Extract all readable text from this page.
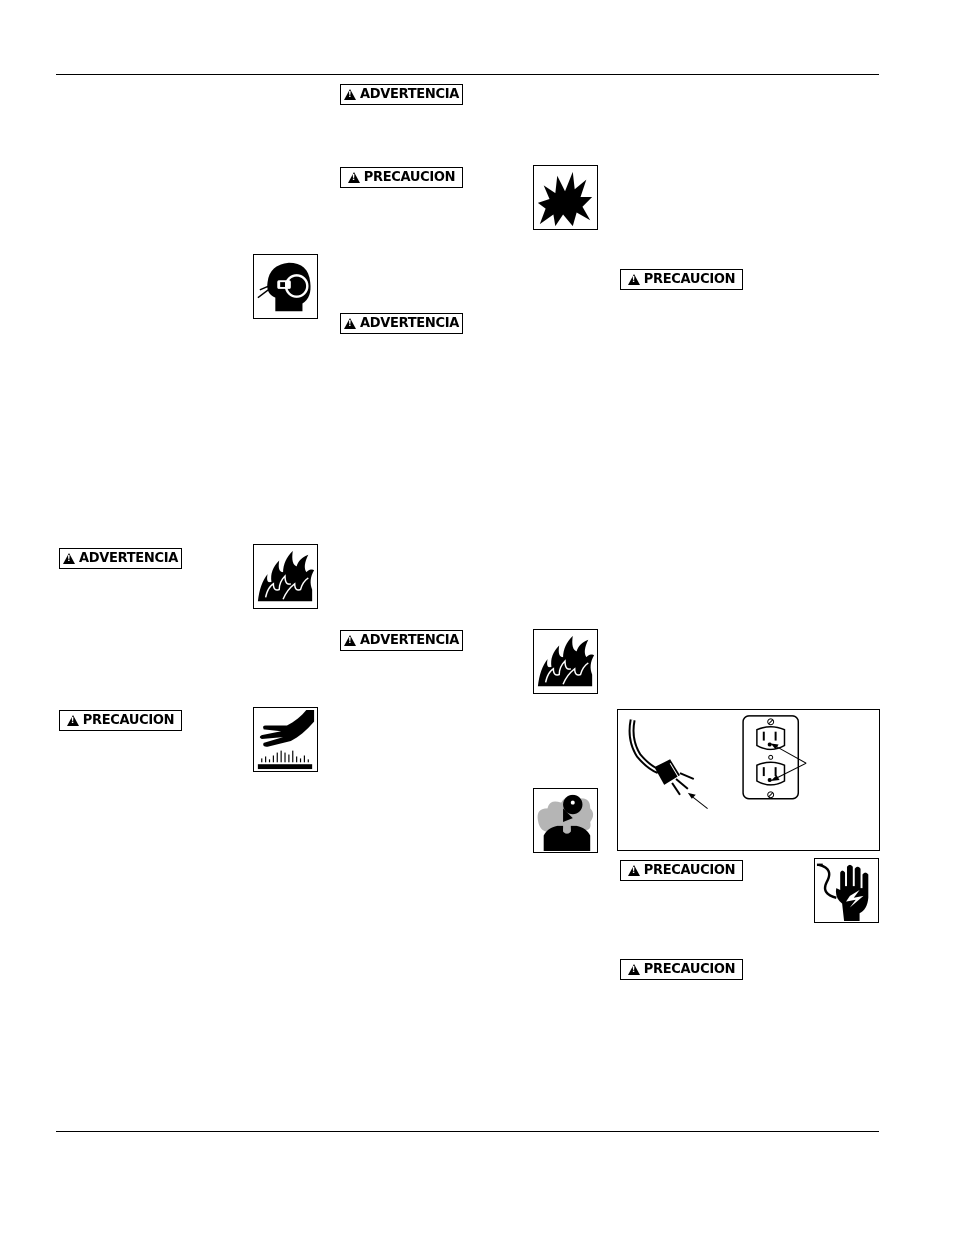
!
ADVERTENCIA
!
PRECAUCION
!
PRECAUCION
!
ADVERTENCIA
!
ADVERTENCIA
!
ADVERTENCIA
!
PRECAUCION
!
PRECAUCION
!
PRECAUCION
